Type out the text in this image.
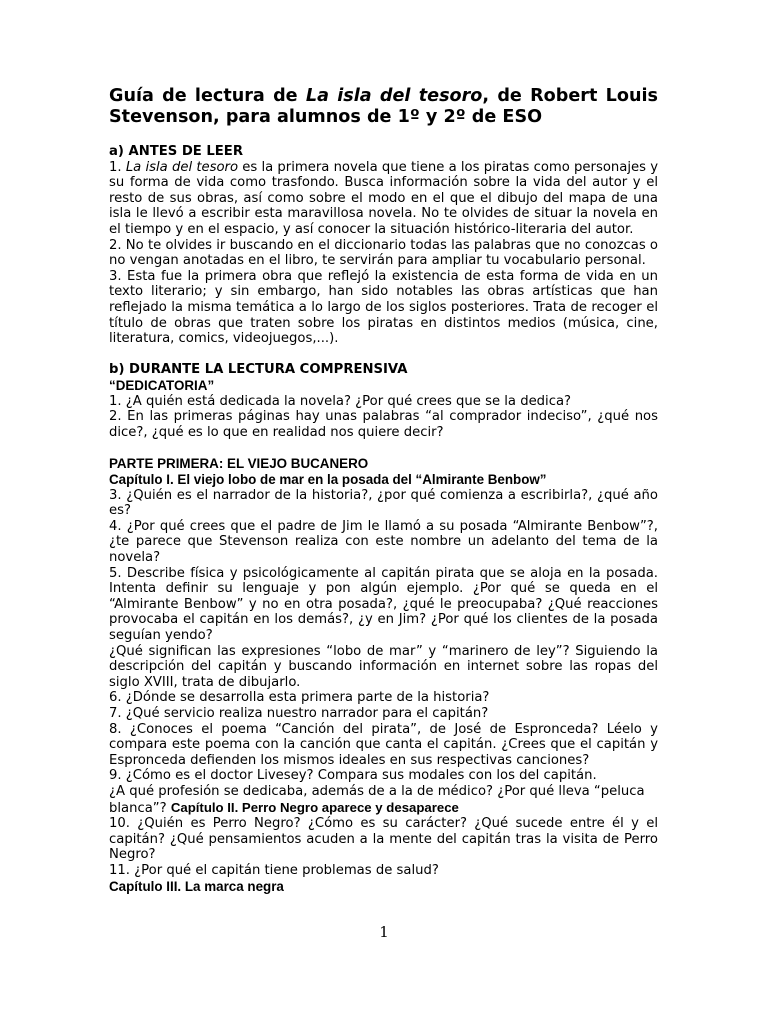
Guía de lectura de La isla del tesoro, de Robert Louis Stevenson, para alumnos de 1º y 2º de ESO
a) ANTES DE LEER

1. La isla del tesoro es la primera novela que tiene a los piratas como personajes y su forma de vida como trasfondo. Busca información sobre la vida del autor y el resto de sus obras, así como sobre el modo en el que el dibujo del mapa de una isla le llevó a escribir esta maravillosa novela. No te olvides de situar la novela en el tiempo y en el espacio, y así conocer la situación histórico-literaria del autor.

2. No te olvides ir buscando en el diccionario todas las palabras que no conozcas o no vengan anotadas en el libro, te servirán para ampliar tu vocabulario personal.

3. Esta fue la primera obra que reflejó la existencia de esta forma de vida en un texto literario; y sin embargo, han sido notables las obras artísticas que han reflejado la misma temática a lo largo de los siglos posteriores. Trata de recoger el título de obras que traten sobre los piratas en distintos medios (música, cine, literatura, comics, videojuegos,...).

b) DURANTE LA LECTURA COMPRENSIVA
“DEDICATORIA”

1. ¿A quién está dedicada la novela? ¿Por qué crees que se la dedica?

2. En las primeras páginas hay unas palabras “al comprador indeciso”, ¿qué nos dice?, ¿qué es lo que en realidad nos quiere decir?

PARTE PRIMERA: EL VIEJO BUCANERO
Capítulo I. El viejo lobo de mar en la posada del “Almirante Benbow”

3. ¿Quién es el narrador de la historia?, ¿por qué comienza a escribirla?, ¿qué año es?

4. ¿Por qué crees que el padre de Jim le llamó a su posada “Almirante Benbow”?, ¿te parece que Stevenson realiza con este nombre un adelanto del tema de la novela?

5. Describe física y psicológicamente al capitán pirata que se aloja en la posada. Intenta definir su lenguaje y pon algún ejemplo. ¿Por qué se queda en el “Almirante Benbow” y no en otra posada?, ¿qué le preocupaba? ¿Qué reacciones provocaba el capitán en los demás?, ¿y en Jim? ¿Por qué los clientes de la posada seguían yendo?

¿Qué significan las expresiones “lobo de mar” y “marinero de ley”? Siguiendo la descripción del capitán y buscando información en internet sobre las ropas del siglo XVIII, trata de dibujarlo.

6. ¿Dónde se desarrolla esta primera parte de la historia?

7. ¿Qué servicio realiza nuestro narrador para el capitán?

8. ¿Conoces el poema “Canción del pirata”, de José de Espronceda? Léelo y compara este poema con la canción que canta el capitán. ¿Crees que el capitán y Espronceda defienden los mismos ideales en sus respectivas canciones?

9. ¿Cómo es el doctor Livesey? Compara sus modales con los del capitán.

¿A qué profesión se dedicaba, además de a la de médico? ¿Por qué lleva “peluca blanca”? Capítulo II. Perro Negro aparece y desaparece

10. ¿Quién es Perro Negro? ¿Cómo es su carácter? ¿Qué sucede entre él y el capitán? ¿Qué pensamientos acuden a la mente del capitán tras la visita de Perro Negro?

11. ¿Por qué el capitán tiene problemas de salud?

Capítulo III. La marca negra
1
